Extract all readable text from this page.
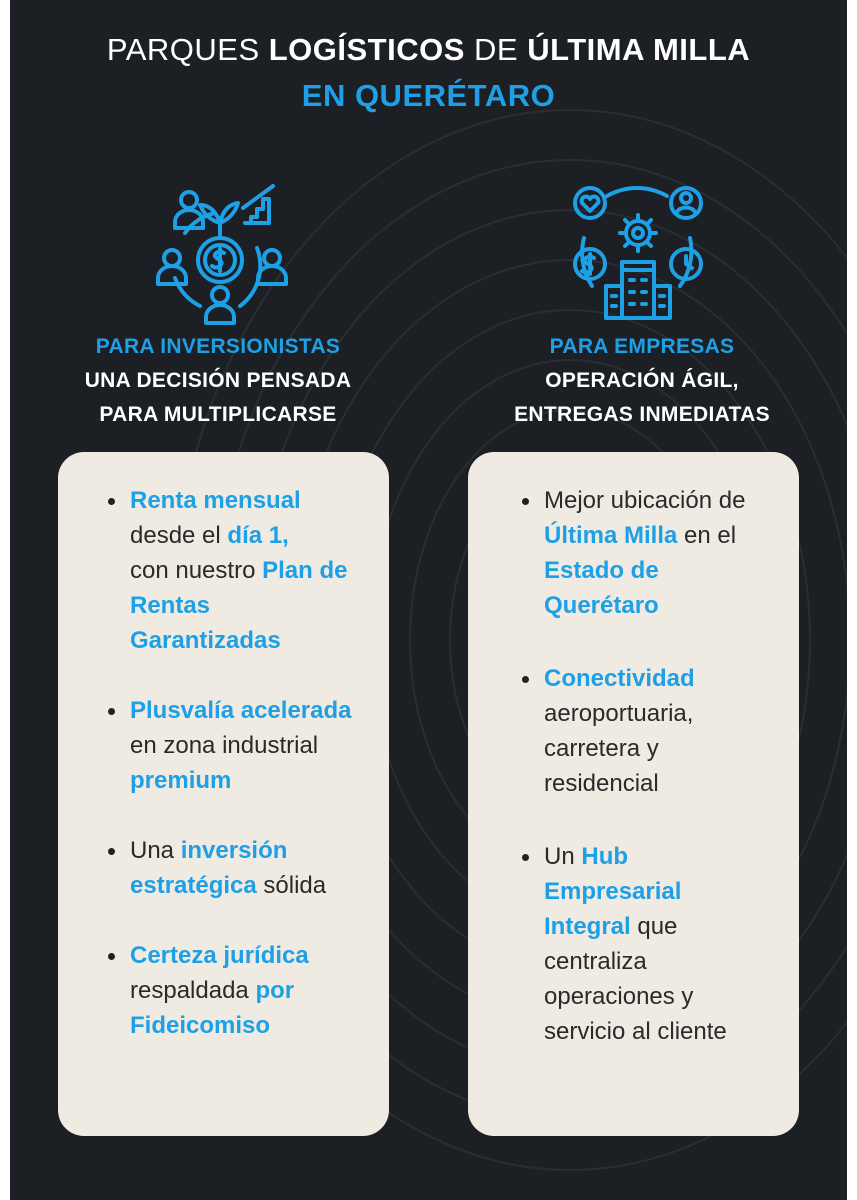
PARQUES LOGÍSTICOS DE ÚLTIMA MILLA
EN QUERÉTARO
PARA INVERSIONISTAS
UNA DECISIÓN PENSADA
PARA MULTIPLICARSE
PARA EMPRESAS
OPERACIÓN ÁGIL,
ENTREGAS INMEDIATAS
Renta mensual
desde el día 1,
con nuestro Plan de Rentas Garantizadas
Plusvalía acelerada en zona industrial premium
Una inversión estratégica sólida
Certeza jurídica respaldada por Fideicomiso
Mejor ubicación de Última Milla en el Estado de Querétaro
Conectividad aeroportuaria, carretera y residencial
Un Hub Empresarial Integral que centraliza operaciones y servicio al cliente
